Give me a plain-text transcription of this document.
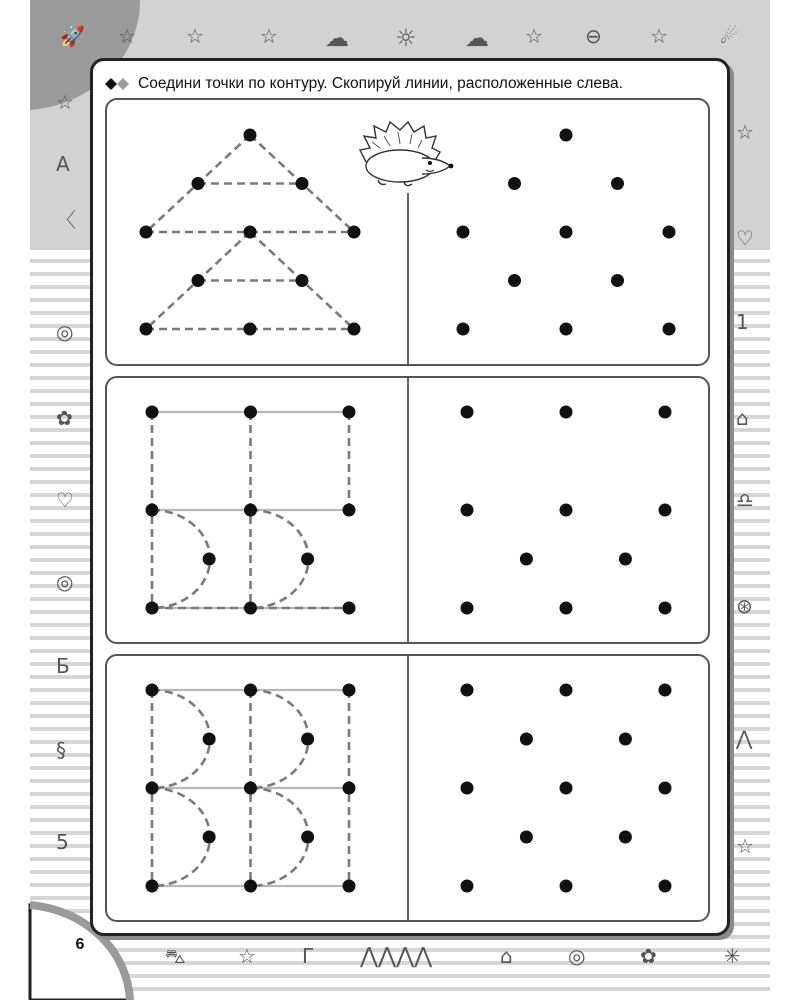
🚀 ☆	☆	☆ ☁ ☼ ☁ ☆ ⊖ ☆	☄
☆
A
〈
◎
✿
♡
◎
Б
§
5
☆
♡
1
⌂
♎
⊛
⋀
☆
⛍	☆ Г ⋀⋀⋀⋀	⌂	◎	✿	✳
Соедини точки по контуру. Скопируй линии, расположенные слева.
6
